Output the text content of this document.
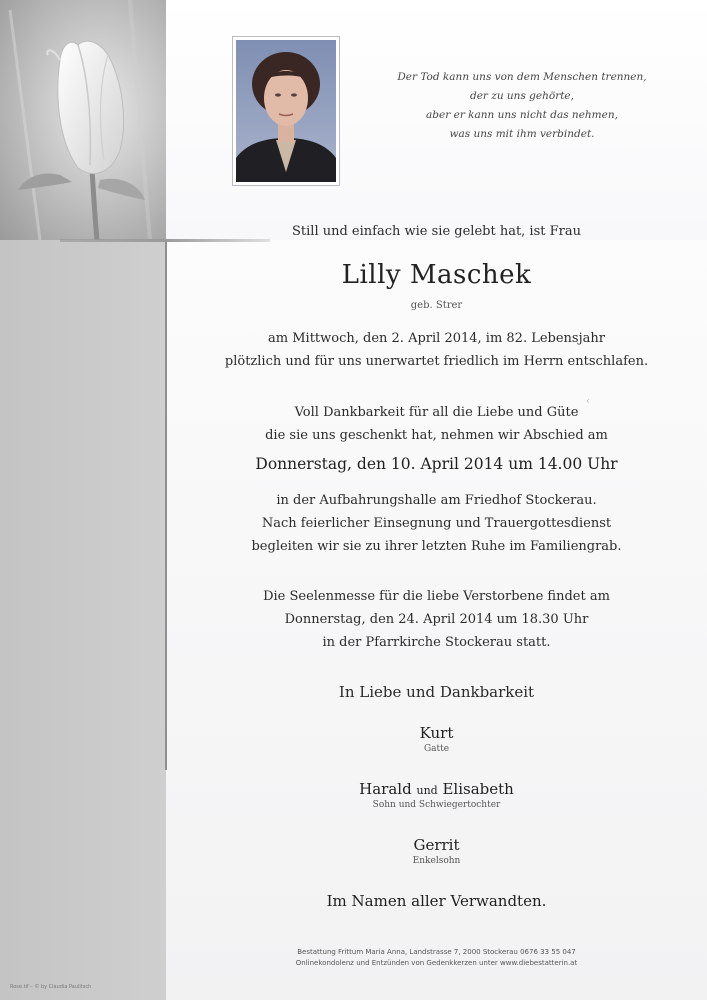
Rose.tif – © by Claudia Paulitsch
Der Tod kann uns von dem Menschen trennen,
der zu uns gehörte,
aber er kann uns nicht das nehmen,
was uns mit ihm verbindet.
Still und einfach wie sie gelebt hat, ist Frau
Lilly Maschek
geb. Strer
am Mittwoch, den 2. April 2014, im 82. Lebensjahr
plötzlich und für uns unerwartet friedlich im Herrn entschlafen.
‹
Voll Dankbarkeit für all die Liebe und Güte
die sie uns geschenkt hat, nehmen wir Abschied am
Donnerstag, den 10. April 2014 um 14.00 Uhr
in der Aufbahrungshalle am Friedhof Stockerau.
Nach feierlicher Einsegnung und Trauergottesdienst
begleiten wir sie zu ihrer letzten Ruhe im Familiengrab.
Die Seelenmesse für die liebe Verstorbene findet am
Donnerstag, den 24. April 2014 um 18.30 Uhr
in der Pfarrkirche Stockerau statt.
In Liebe und Dankbarkeit
Kurt
Gatte
Harald und Elisabeth
Sohn und Schwiegertochter
Gerrit
Enkelsohn
Im Namen aller Verwandten.
Bestattung Frittum Maria Anna, Landstrasse 7, 2000 Stockerau 0676 33 55 047
Onlinekondolenz und Entzünden von Gedenkkerzen unter www.diebestatterin.at
